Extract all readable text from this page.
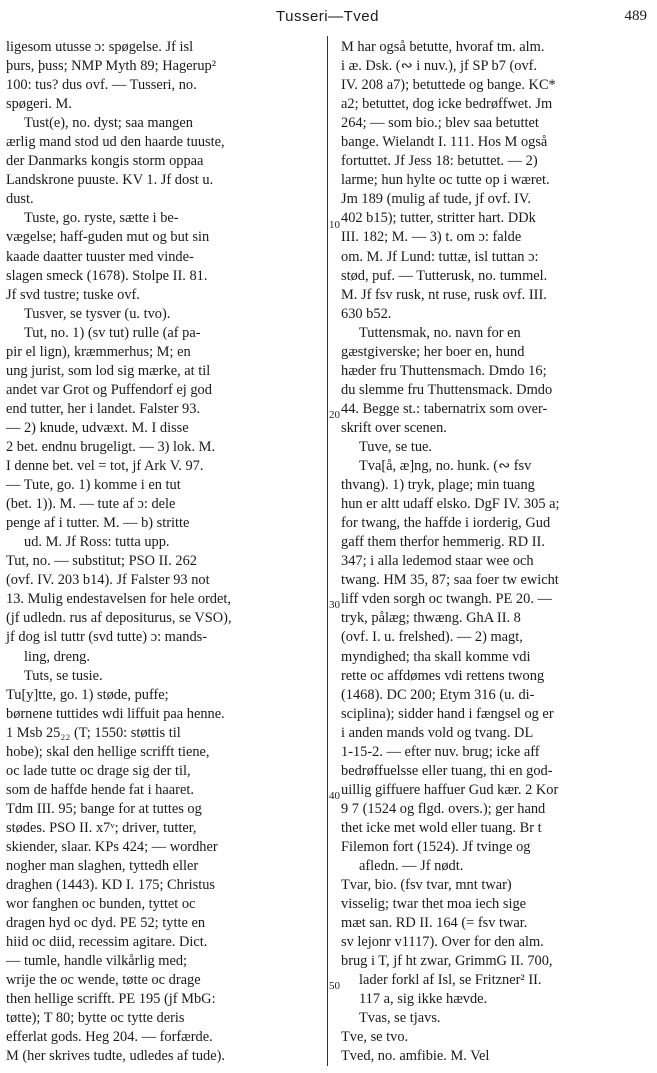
Tusseri—Tved	489
ligesom utusse ɔ: spøgelse. Jf isl
þurs, þuss; NMP Myth 89; Hagerup²
100: tus? dus ovf. — Tusseri, no.
spøgeri. M.
Tust(e), no. dyst; saa mangen
ærlig mand stod ud den haarde tuuste,
der Danmarks kongis storm oppaa
Landskrone puuste. KV 1. Jf dost u.
dust.
Tuste, go. ryste, sætte i be-
vægelse; haff-guden mut og but sin
kaade daatter tuuster med vinde-
slagen smeck (1678). Stolpe II. 81.
Jf svd tustre; tuske ovf.
Tusver, se tysver (u. tvo).
Tut, no. 1) (sv tut) rulle (af pa-
pir el lign), kræmmerhus; M; en
ung jurist, som lod sig mærke, at til
andet var Grot og Puffendorf ej god
end tutter, her i landet. Falster 93.
— 2) knude, udvæxt. M. I disse
2 bet. endnu brugeligt. — 3) lok. M.
I denne bet. vel = tot, jf Ark V. 97.
— Tute, go. 1) komme i en tut
(bet. 1)). M. — tute af ɔ: dele
penge af i tutter. M. — b) stritte
ud. M. Jf Ross: tutta upp.
Tut, no. — substitut; PSO II. 262
(ovf. IV. 203 b14). Jf Falster 93 not
13. Mulig endestavelsen for hele ordet,
(jf udledn. rus af depositurus, se VSO),
jf dog isl tuttr (svd tutte) ɔ: mands-
ling, dreng.
Tuts, se tusie.
Tu[y]tte, go. 1) støde, puffe;
børnene tuttides wdi liffuit paa henne.
1 Msb 25₂₂ (T; 1550: støttis til
hobe); skal den hellige scrifft tiene,
oc lade tutte oc drage sig der til,
som de haffde hende fat i haaret.
Tdm III. 95; bange for at tuttes og
stødes. PSO II. x7ᵛ; driver, tutter,
skiender, slaar. KPs 424; — wordher
nogher man slaghen, tyttedh eller
draghen (1443). KD I. 175; Christus
wor fanghen oc bunden, tyttet oc
dragen hyd oc dyd. PE 52; tytte en
hiid oc diid, recessim agitare. Dict.
— tumle, handle vilkårlig med;
wrije the oc wende, tøtte oc drage
then hellige scrifft. PE 195 (jf MbG:
tøtte); T 80; bytte oc tytte deris
efferlat gods. Heg 204. — forfærde.
M (her skrives tudte, udledes af tude).
M har også betutte, hvoraf tm. alm.
i æ. Dsk. (∾ i nuv.), jf SP b7 (ovf.
IV. 208 a7); betuttede og bange. KC*
a2; betuttet, dog icke bedrøffwet. Jm
264; — som bio.; blev saa betuttet
bange. Wielandt I. 111. Hos M også
fortuttet. Jf Jess 18: betuttet. — 2)
larme; hun hylte oc tutte op i wæret.
Jm 189 (mulig af tude, jf ovf. IV.
402 b15); tutter, stritter hart. DDk
III. 182; M. — 3) t. om ɔ: falde
om. M. Jf Lund: tuttæ, isl tuttan ɔ:
stød, puf. — Tutterusk, no. tummel.
M. Jf fsv rusk, nt ruse, rusk ovf. III.
630 b52.
Tuttensmak, no. navn for en
gæstgiverske; her boer en, hund
hæder fru Thuttensmach. Dmdo 16;
du slemme fru Thuttensmack. Dmdo
44. Begge st.: tabernatrix som over-
skrift over scenen.
Tuve, se tue.
Tva[å, æ]ng, no. hunk. (∾ fsv
thvang). 1) tryk, plage; min tuang
hun er altt udaff elsko. DgF IV. 305 a;
for twang, the haffde i iorderig, Gud
gaff them therfor hemmerig. RD II.
347; i alla ledemod staar wee och
twang. HM 35, 87; saa foer tw ewicht
liff vden sorgh oc twangh. PE 20. —
tryk, pålæg; thwæng. GhA II. 8
(ovf. I. u. frelshed). — 2) magt,
myndighed; tha skall komme vdi
rette oc affdømes vdi rettens twong
(1468). DC 200; Etym 316 (u. di-
sciplina); sidder hand i fængsel og er
i anden mands vold og tvang. DL
1-15-2. — efter nuv. brug; icke aff
bedrøffuelsse eller tuang, thi en god-
uillig giffuere haffuer Gud kær. 2 Kor
9 7 (1524 og flgd. overs.); ger hand
thet icke met wold eller tuang. Br t
Filemon fort (1524). Jf tvinge og
afledn. — Jf nødt.
Tvar, bio. (fsv tvar, mnt twar)
visselig; twar thet moa iech sige
mæt san. RD II. 164 (= fsv twar.
sv lejonr v1117). Over for den alm.
brug i T, jf ht zwar, GrimmG II. 700,
lader forkl af Isl, se Fritzner² II.
117 a, sig ikke hævde.
Tvas, se tjavs.
Tve, se tvo.
Tved, no. amfibie. M. Vel
10
20
30
40
50
